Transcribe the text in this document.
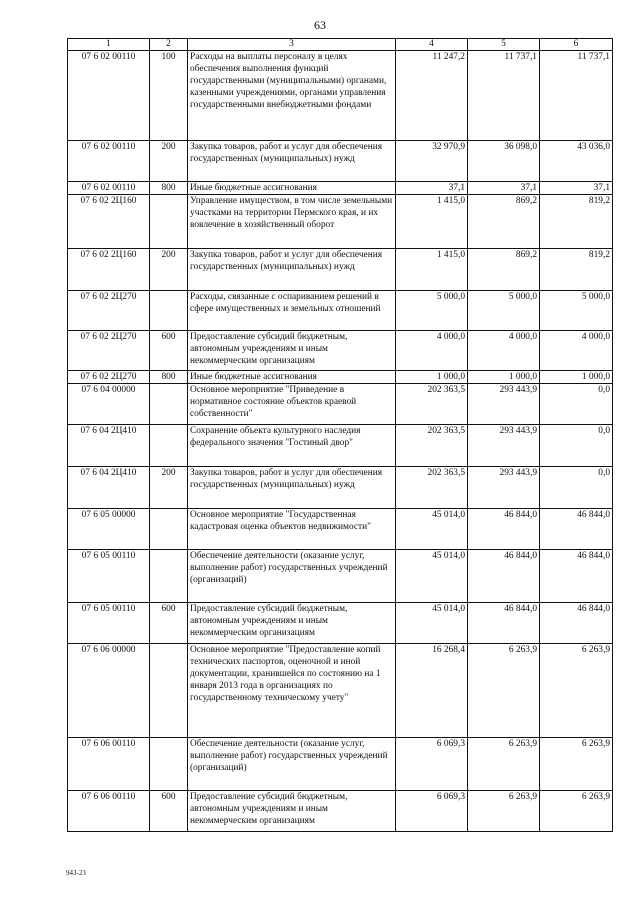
63
1	2	3	4	5	6
07 6 02 00110	100	Расходы на выплаты персоналу в целях обеспечения выполнения функций государственными (муниципальными) органами, казенными учреждениями, органами управления государственными внебюджетными фондами	11 247,2	11 737,1	11 737,1
07 6 02 00110	200	Закупка товаров, работ и услуг для обеспечения государственных (муниципальных) нужд	32 970,9	36 098,0	43 036,0
07 6 02 00110	800	Иные бюджетные ассигнования	37,1	37,1	37,1
07 6 02 2Ц160		Управление имуществом, в том числе земельными участками на территории Пермского края, и их вовлечение в хозяйственный оборот	1 415,0	869,2	819,2
07 6 02 2Ц160	200	Закупка товаров, работ и услуг для обеспечения государственных (муниципальных) нужд	1 415,0	869,2	819,2
07 6 02 2Ц270		Расходы, связанные с оспариванием решений в сфере имущественных и земельных отношений	5 000,0	5 000,0	5 000,0
07 6 02 2Ц270	600	Предоставление субсидий бюджетным, автономным учреждениям и иным некоммерческим организациям	4 000,0	4 000,0	4 000,0
07 6 02 2Ц270	800	Иные бюджетные ассигнования	1 000,0	1 000,0	1 000,0
07 6 04 00000		Основное мероприятие "Приведение в нормативное состояние объектов краевой собственности"	202 363,5	293 443,9	0,0
07 6 04 2Ц410		Сохранение объекта культурного наследия федерального значения "Гостиный двор"	202 363,5	293 443,9	0,0
07 6 04 2Ц410	200	Закупка товаров, работ и услуг для обеспечения государственных (муниципальных) нужд	202 363,5	293 443,9	0,0
07 6 05 00000		Основное мероприятие "Государственная кадастровая оценка объектов недвижимости"	45 014,0	46 844,0	46 844,0
07 6 05 00110		Обеспечение деятельности (оказание услуг, выполнение работ) государственных учреждений (организаций)	45 014,0	46 844,0	46 844,0
07 6 05 00110	600	Предоставление субсидий бюджетным, автономным учреждениям и иным некоммерческим организациям	45 014,0	46 844,0	46 844,0
07 6 06 00000		Основное мероприятие "Предоставление копий технических паспортов, оценочной и иной документации, хранившейся по состоянию на 1 января 2013 года в организациях по государственному техническому учету"	16 268,4	6 263,9	6 263,9
07 6 06 00110		Обеспечение деятельности (оказание услуг, выполнение работ) государственных учреждений (организаций)	6 069,3	6 263,9	6 263,9
07 6 06 00110	600	Предоставление субсидий бюджетным, автономным учреждениям и иным некоммерческим организациям	6 069,3	6 263,9	6 263,9
943-23
